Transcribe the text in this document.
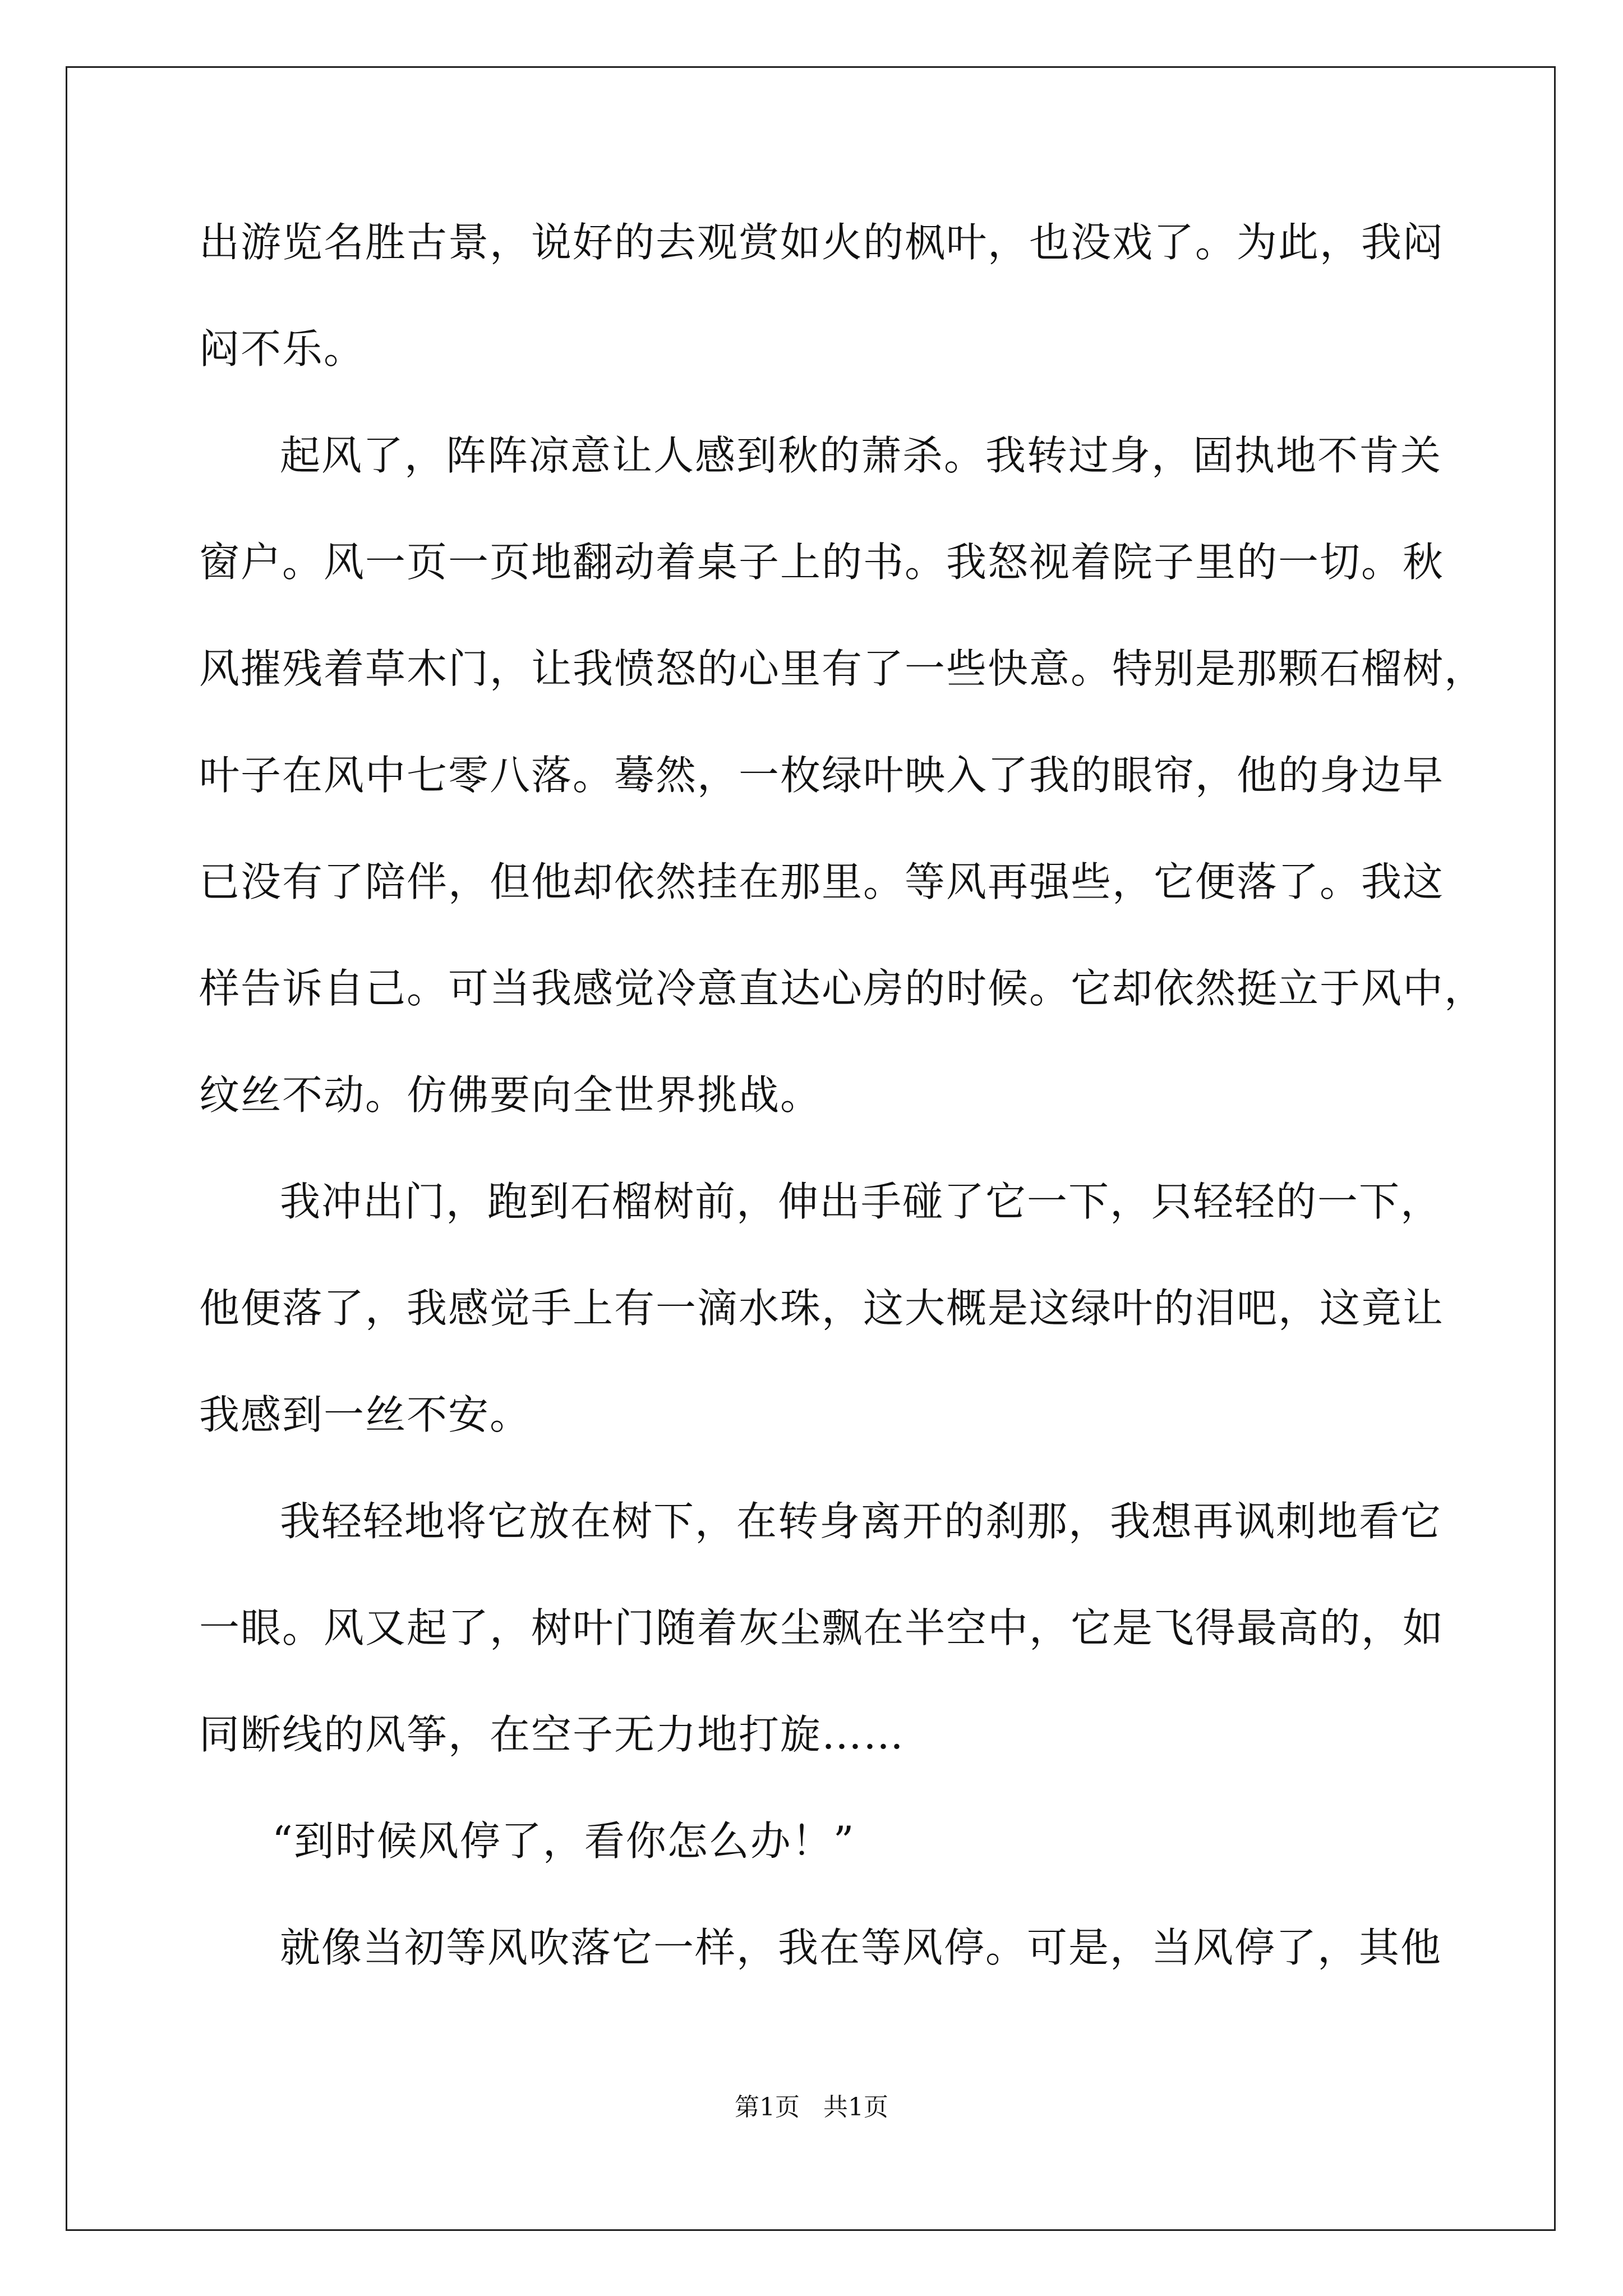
出游览名胜古景，说好的去观赏如火的枫叶，也没戏了。为此，我闷
闷不乐。
起风了，阵阵凉意让人感到秋的萧杀。我转过身，固执地不肯关
窗户。风一页一页地翻动着桌子上的书。我怒视着院子里的一切。秋
风摧残着草木门，让我愤怒的心里有了一些快意。特别是那颗石榴树，
叶子在风中七零八落。蓦然，一枚绿叶映入了我的眼帘，他的身边早
已没有了陪伴，但他却依然挂在那里。等风再强些，它便落了。我这
样告诉自己。可当我感觉冷意直达心房的时候。它却依然挺立于风中，
纹丝不动。仿佛要向全世界挑战。
我冲出门，跑到石榴树前，伸出手碰了它一下，只轻轻的一下，
他便落了，我感觉手上有一滴水珠，这大概是这绿叶的泪吧，这竟让
我感到一丝不安。
我轻轻地将它放在树下，在转身离开的刹那，我想再讽刺地看它
一眼。风又起了，树叶门随着灰尘飘在半空中，它是飞得最高的，如
同断线的风筝，在空子无力地打旋……
“到时候风停了，看你怎么办！”
就像当初等风吹落它一样，我在等风停。可是，当风停了，其他
第1页   共1页
